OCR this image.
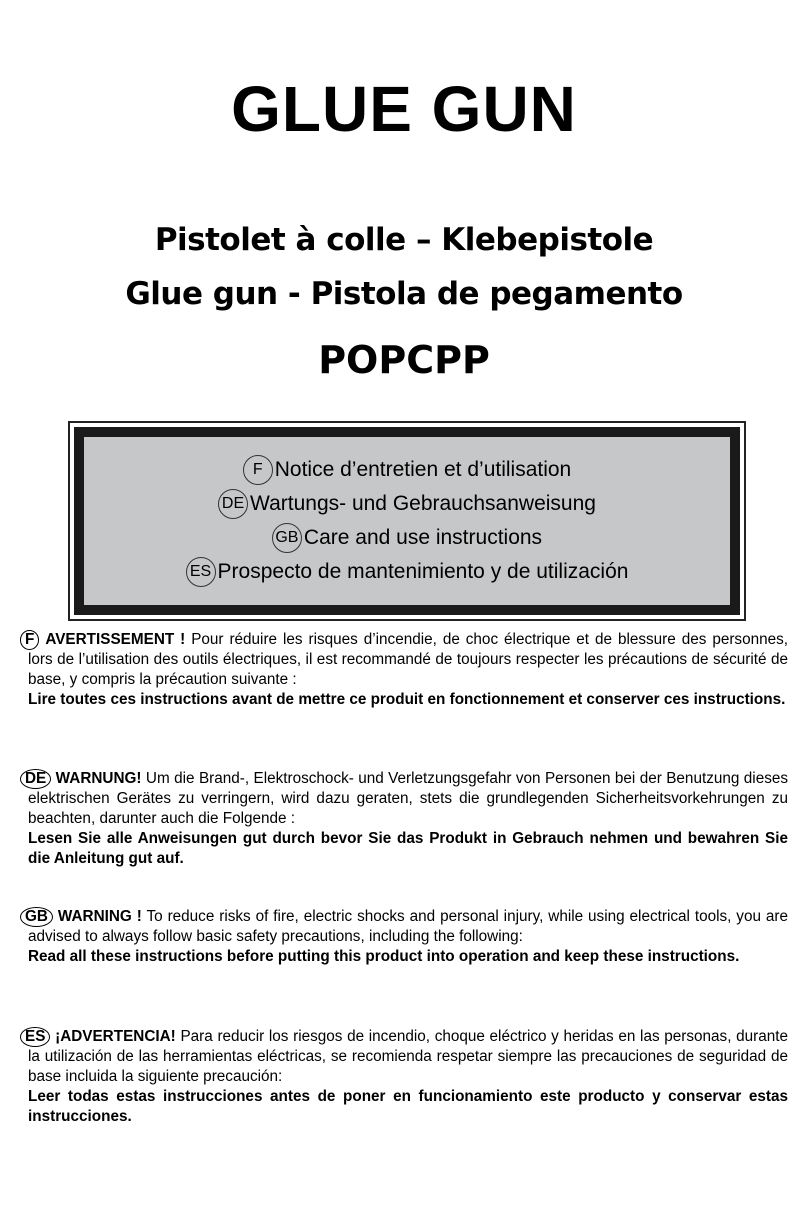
GLUE GUN
Pistolet à colle – Klebepistole
Glue gun - Pistola de pegamento
POPCPP
F Notice d’entretien et d’utilisation
DE Wartungs- und Gebrauchsanweisung
GB Care and use instructions
ES Prospecto de mantenimiento y de utilización
F AVERTISSEMENT ! Pour réduire les risques d’incendie, de choc électrique et de blessure des personnes, lors de l’utilisation des outils électriques, il est recommandé de toujours respecter les précautions de sécurité de base, y compris la précaution suivante :
Lire toutes ces instructions avant de mettre ce produit en fonctionnement et conserver ces instructions.
DE WARNUNG! Um die Brand-, Elektroschock- und Verletzungsgefahr von Personen bei der Benutzung dieses elektrischen Gerätes zu verringern, wird dazu geraten, stets die grundlegenden Sicherheitsvorkehrungen zu beachten, darunter auch die Folgende :
Lesen Sie alle Anweisungen gut durch bevor Sie das Produkt in Gebrauch nehmen und bewahren Sie die Anleitung gut auf.
GB WARNING ! To reduce risks of fire, electric shocks and personal injury, while using electrical tools, you are advised to always follow basic safety precautions, including the following:
Read all these instructions before putting this product into operation and keep these instructions.
ES ¡ADVERTENCIA! Para reducir los riesgos de incendio, choque eléctrico y heridas en las personas, durante la utilización de las herramientas eléctricas, se recomienda respetar siempre las precauciones de seguridad de base incluida la siguiente precaución:
Leer todas estas instrucciones antes de poner en funcionamiento este producto y conservar estas instrucciones.
